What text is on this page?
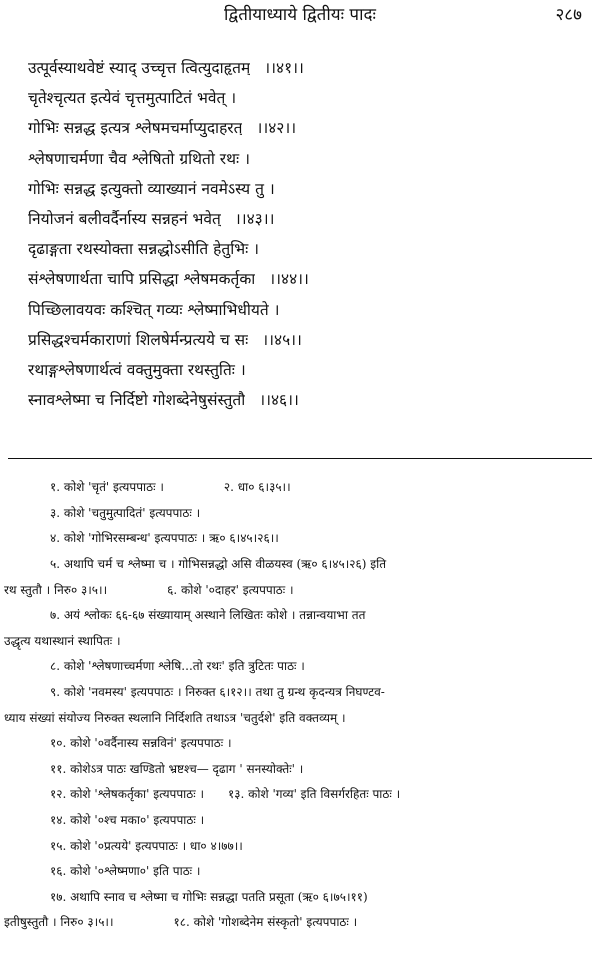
द्वितीयाध्याये द्वितीयः पादः	२८७
उत्पूर्वस्याथवेष्टं स्याद् उच्चृत्त त्वित्युदाहृतम् ।।४१।।
चृतेश्चृत्यत इत्येवं चृत्तमुत्पाटितं भवेत् ।
गोभिः सन्नद्ध इत्यत्र श्लेषमचर्माप्युदाहरत् ।।४२।।
श्लेषणाचर्मणा चैव श्लेषितो ग्रथितो रथः ।
गोभिः सन्नद्ध इत्युक्तो व्याख्यानं नवमेऽस्य तु ।
नियोजनं बलीवर्दैर्नास्य सन्नहनं भवेत् ।।४३।।
दृढाङ्गता रथस्योक्ता सन्नद्धोऽसीति हेतुभिः ।
संश्लेषणार्थता चापि प्रसिद्धा श्लेषमकर्तृका ।।४४।।
पिच्छिलावयवः कश्चित् गव्यः श्लेष्माभिधीयते ।
प्रसिद्धश्चर्मकाराणां शिलषेर्मन्प्रत्यये च सः ।।४५।।
रथाङ्गश्लेषणार्थत्वं वक्तुमुक्ता रथस्तुतिः ।
स्नावश्लेष्मा च निर्दिष्टो गोशब्देनेषुसंस्तुतौ ।।४६।।
१. कोशे 'चृतं' इत्यपपाठः ।	२. धा० ६।३५।।
३. कोशे 'चतुमुत्पादितं' इत्यपपाठः ।
४. कोशे 'गोभिरसम्बन्ध' इत्यपपाठः । ऋ० ६।४५।२६।।
५. अथापि चर्म च श्लेष्मा च । गोभिसन्नद्धो असि वीळयस्व (ऋ० ६।४५।२६) इति
रथ स्तुतौ । निरु० ३।५।।	६. कोशे '०दाहर' इत्यपपाठः ।
७. अयं श्लोकः ६६-६७ संख्यायाम् अस्थाने लिखितः कोशे । तन्नान्वयाभा तत
उद्धृत्य यथास्थानं स्थापितः ।
८. कोशे 'श्लेषणाच्चर्मणा श्लेषि...तो रथः' इति त्रुटितः पाठः ।
९. कोशे 'नवमस्य' इत्यपपाठः । निरुक्त ६।१२।। तथा तु ग्रन्थ कृदन्यत्र निघण्टव-
ध्याय संख्यां संयोज्य निरुक्त स्थलानि निर्दिशति तथाऽत्र 'चतुर्दशे' इति वक्तव्यम् ।
१०. कोशे '०वर्दैनास्य सन्नविनं' इत्यपपाठः ।
११. कोशेऽत्र पाठः खण्डितो भ्रष्टश्च— दृढाग ' सनस्योक्तेः' ।
१२. कोशे 'श्लेषकर्तृका' इत्यपपाठः । १३. कोशे 'गव्य' इति विसर्गरहितः पाठः ।
१४. कोशे '०श्च मका०' इत्यपपाठः ।
१५. कोशे '०प्रत्यये' इत्यपपाठः । धा० ४।७७।।
१६. कोशे '०श्लेष्मणा०' इति पाठः ।
१७. अथापि स्नाव च श्लेष्मा च गोभिः सन्नद्धा पतति प्रसूता (ऋ० ६।७५।११)
इतीषुस्तुतौ । निरु० ३।५।।	१८. कोशे 'गोशब्देनेम संस्कृतो' इत्यपपाठः ।
